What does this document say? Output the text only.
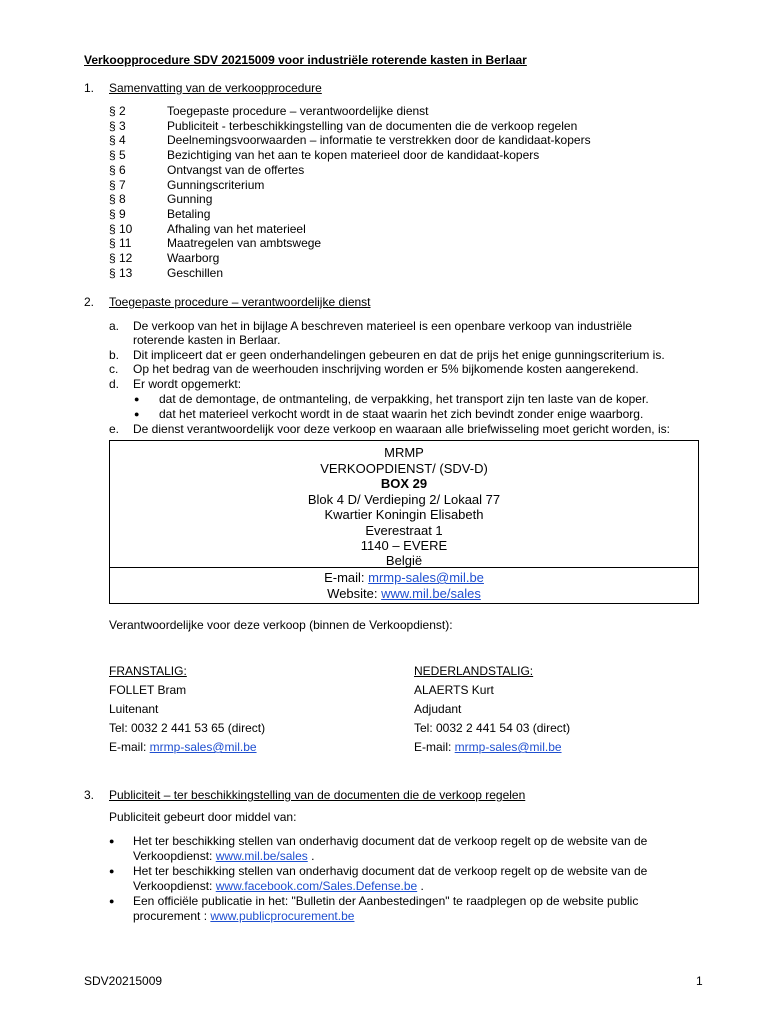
Verkoopprocedure SDV 20215009 voor industriële roterende kasten in Berlaar
1. Samenvatting van de verkoopprocedure
§ 2	Toegepaste procedure – verantwoordelijke dienst
§ 3	Publiciteit - terbeschikkingstelling van de documenten die de verkoop regelen
§ 4	Deelnemingsvoorwaarden – informatie te verstrekken door de kandidaat-kopers
§ 5	Bezichtiging van het aan te kopen materieel door de kandidaat-kopers
§ 6	Ontvangst van de offertes
§ 7	Gunningscriterium
§ 8	Gunning
§ 9	Betaling
§ 10	Afhaling van het materieel
§ 11	Maatregelen van ambtswege
§ 12	Waarborg
§ 13	Geschillen
2. Toegepaste procedure – verantwoordelijke dienst
a. De verkoop van het in bijlage A beschreven materieel is een openbare verkoop van industriële
roterende kasten in Berlaar.
b. Dit impliceert dat er geen onderhandelingen gebeuren en dat de prijs het enige gunningscriterium is.
c. Op het bedrag van de weerhouden inschrijving worden er 5% bijkomende kosten aangerekend.
d. Er wordt opgemerkt:
● dat de demontage, de ontmanteling, de verpakking, het transport zijn ten laste van de koper.
● dat het materieel verkocht wordt in de staat waarin het zich bevindt zonder enige waarborg.
e. De dienst verantwoordelijk voor deze verkoop en waaraan alle briefwisseling moet gericht worden, is:
MRMP
VERKOOPDIENST/ (SDV-D)
BOX 29
Blok 4 D/ Verdieping 2/ Lokaal 77
Kwartier Koningin Elisabeth
Everestraat 1
1140 – EVERE
België
E-mail: mrmp-sales@mil.be
Website: www.mil.be/sales
Verantwoordelijke voor deze verkoop (binnen de Verkoopdienst):
FRANSTALIG:
FOLLET Bram
Luitenant
Tel: 0032 2 441 53 65 (direct)
E-mail: mrmp-sales@mil.be
NEDERLANDSTALIG:
ALAERTS Kurt
Adjudant
Tel: 0032 2 441 54 03 (direct)
E-mail: mrmp-sales@mil.be
3. Publiciteit – ter beschikkingstelling van de documenten die de verkoop regelen
Publiciteit gebeurt door middel van:
● Het ter beschikking stellen van onderhavig document dat de verkoop regelt op de website van de
Verkoopdienst: www.mil.be/sales .
● Het ter beschikking stellen van onderhavig document dat de verkoop regelt op de website van de
Verkoopdienst: www.facebook.com/Sales.Defense.be .
● Een officiële publicatie in het: "Bulletin der Aanbestedingen" te raadplegen op de website public
procurement : www.publicprocurement.be
SDV20215009	1
